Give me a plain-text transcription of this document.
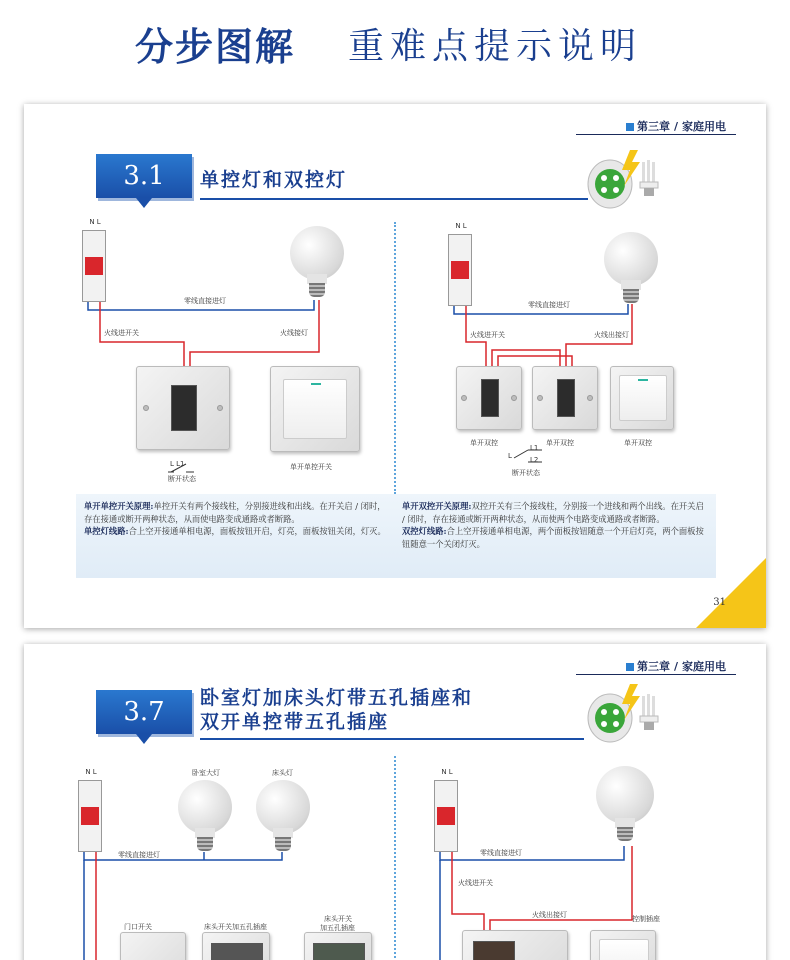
分步图解 重难点提示说明
第三章 / 家庭用电
3.1	单控灯和双控灯
N L
零线直接进灯
火线进开关	火线接灯
L L1
断开状态
单开单控开关
N L
零线直接进灯
火线进开关	火线出接灯
单开双控	单开双控	单开双控
L1
L2
L
断开状态
单开单控开关原理:单控开关有两个接线柱，分别接进线和出线。在开关启 / 闭时，存在接通或断开两种状态，从而使电路变成通路或者断路。
单控灯线路:合上空开接通单相电源，面板按钮开启，灯亮，面板按钮关闭，灯灭。
单开双控开关原理:双控开关有三个接线柱，分别接一个进线和两个出线。在开关启 / 闭时，存在接通或断开两种状态，从而使两个电路变成通路或者断路。
双控灯线路:合上空开接通单相电源，两个面板按钮随意一个开启灯亮，两个面板按钮随意一个关闭灯灭。
31
第三章 / 家庭用电
3.7	卧室灯加床头灯带五孔插座和
双开单控带五孔插座
N L	卧室大灯	床头灯
零线直接进灯
门口开关	床头开关加五孔插座
床头开关
加五孔插座
N L
零线直接进灯
火线进开关
火线出接灯	控制插座
